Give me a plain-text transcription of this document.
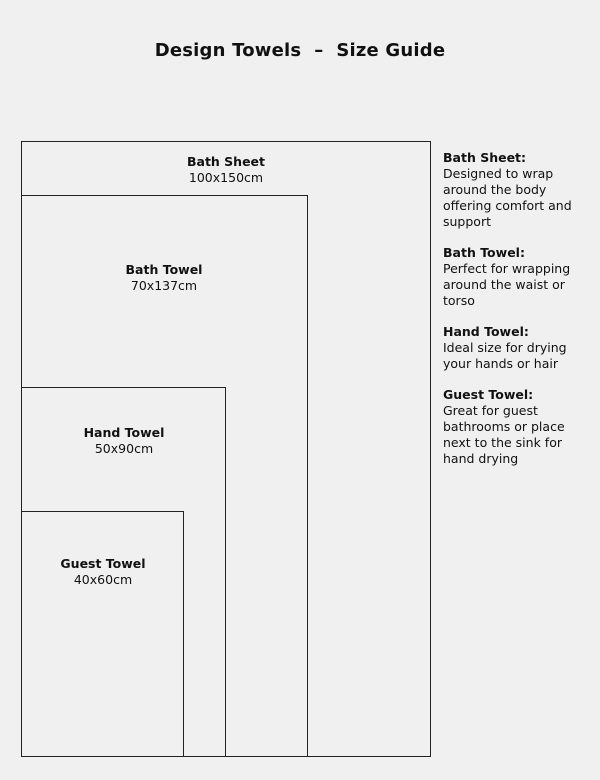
Design Towels  –  Size Guide
Bath Sheet
100x150cm
Bath Towel
70x137cm
Hand Towel
50x90cm
Guest Towel
40x60cm
Bath Sheet:
Designed to wrap around the body offering comfort and support
Bath Towel:
Perfect for wrapping around the waist or torso
Hand Towel:
Ideal size for drying your hands or hair
Guest Towel:
Great for guest bathrooms or place next to the sink for hand drying
